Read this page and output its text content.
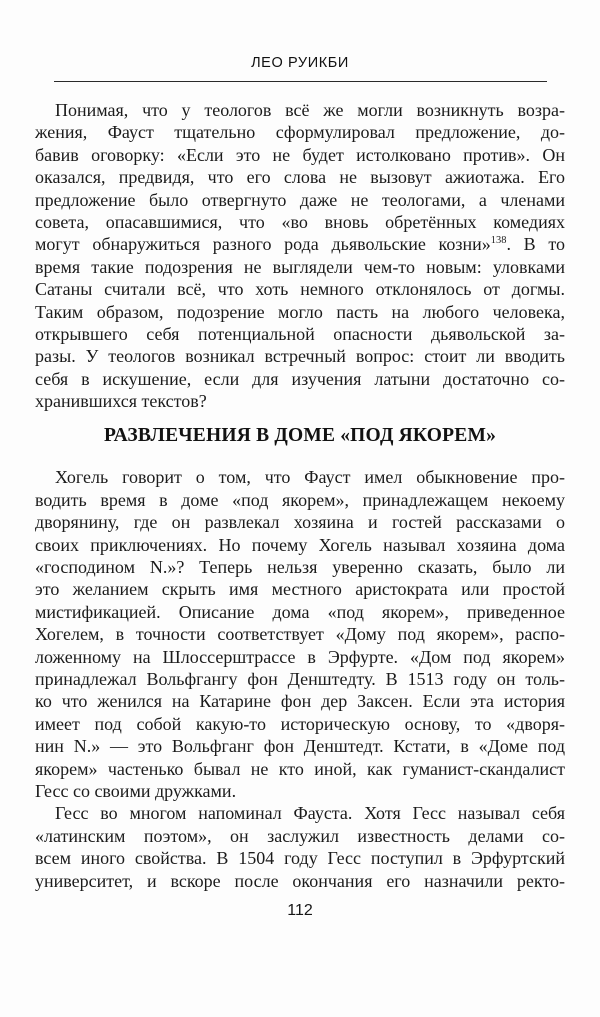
ЛЕО РУИКБИ
Понимая, что у теологов всё же могли возникнуть возра-
жения, Фауст тщательно сформулировал предложение, до-
бавив оговорку: «Если это не будет истолковано против». Он
оказался, предвидя, что его слова не вызовут ажиотажа. Его
предложение было отвергнуто даже не теологами, а членами
совета, опасавшимися, что «во вновь обретённых комедиях
могут обнаружиться разного рода дьявольские козни»$^{138}$. В то
время такие подозрения не выглядели чем-то новым: уловками
Сатаны считали всё, что хоть немного отклонялось от догмы.
Таким образом, подозрение могло пасть на любого человека,
открывшего себя потенциальной опасности дьявольской за-
разы. У теологов возникал встречный вопрос: стоит ли вводить
себя в искушение, если для изучения латыни достаточно со-
хранившихся текстов?
РАЗВЛЕЧЕНИЯ В ДОМЕ «ПОД ЯКОРЕМ»
Хогель говорит о том, что Фауст имел обыкновение про-
водить время в доме «под якорем», принадлежащем некоему
дворянину, где он развлекал хозяина и гостей рассказами о
своих приключениях. Но почему Хогель называл хозяина дома
«господином N.»? Теперь нельзя уверенно сказать, было ли
это желанием скрыть имя местного аристократа или простой
мистификацией. Описание дома «под якорем», приведенное
Хогелем, в точности соответствует «Дому под якорем», распо-
ложенному на Шлоссерштрассе в Эрфурте. «Дом под якорем»
принадлежал Вольфгангу фон Денштедту. В 1513 году он толь-
ко что женился на Катарине фон дер Заксен. Если эта история
имеет под собой какую-то историческую основу, то «дворя-
нин N.» — это Вольфганг фон Денштедт. Кстати, в «Доме под
якорем» частенько бывал не кто иной, как гуманист-скандалист
Гесс со своими дружками.
Гесс во многом напоминал Фауста. Хотя Гесс называл себя
«латинским поэтом», он заслужил известность делами со-
всем иного свойства. В 1504 году Гесс поступил в Эрфуртский
университет, и вскоре после окончания его назначили ректо-
112
